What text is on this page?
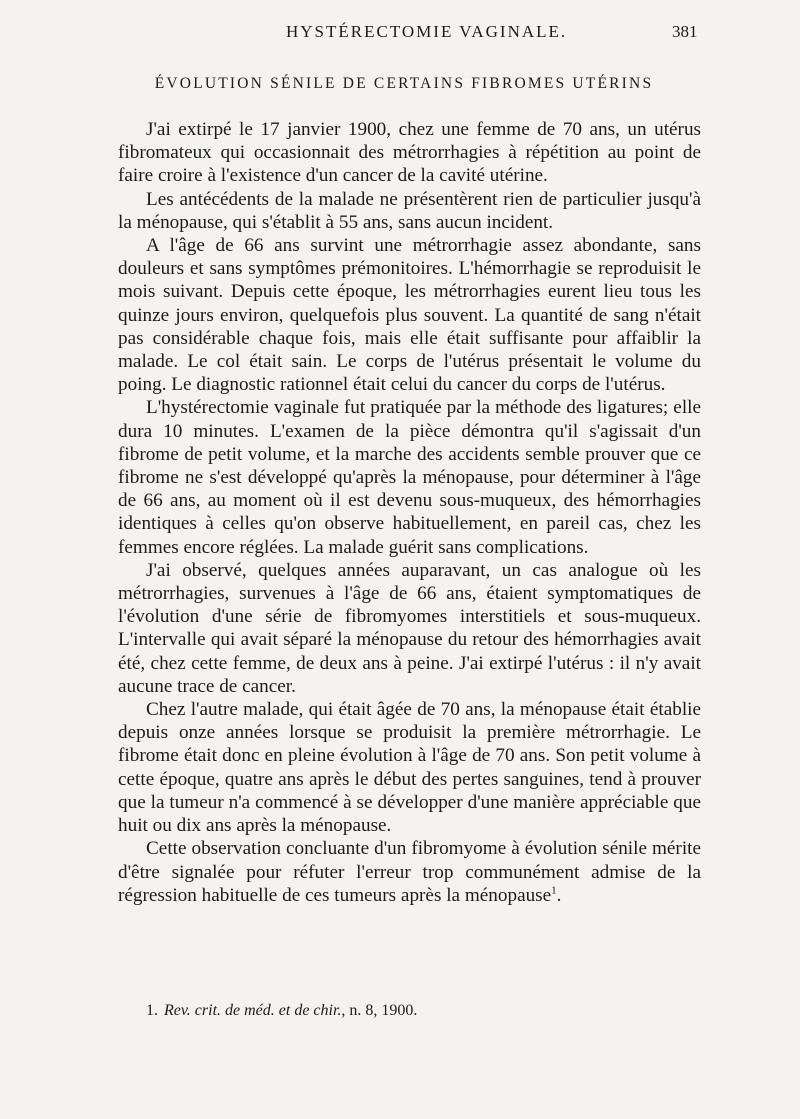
HYSTÉRECTOMIE VAGINALE.	381
ÉVOLUTION SÉNILE DE CERTAINS FIBROMES UTÉRINS

J'ai extirpé le 17 janvier 1900, chez une femme de 70 ans, un utérus fibromateux qui occasionnait des métrorrhagies à répétition au point de faire croire à l'existence d'un cancer de la cavité utérine.

Les antécédents de la malade ne présentèrent rien de particulier jusqu'à la ménopause, qui s'établit à 55 ans, sans aucun incident.

A l'âge de 66 ans survint une métrorrhagie assez abondante, sans douleurs et sans symptômes prémonitoires. L'hémorrhagie se reproduisit le mois suivant. Depuis cette époque, les métrorrhagies eurent lieu tous les quinze jours environ, quelquefois plus souvent. La quantité de sang n'était pas considérable chaque fois, mais elle était suffisante pour affaiblir la malade. Le col était sain. Le corps de l'utérus présentait le volume du poing. Le diagnostic rationnel était celui du cancer du corps de l'utérus.

L'hystérectomie vaginale fut pratiquée par la méthode des ligatures; elle dura 10 minutes. L'examen de la pièce démontra qu'il s'agissait d'un fibrome de petit volume, et la marche des accidents semble prouver que ce fibrome ne s'est développé qu'après la ménopause, pour déterminer à l'âge de 66 ans, au moment où il est devenu sous-muqueux, des hémorrhagies identiques à celles qu'on observe habituellement, en pareil cas, chez les femmes encore réglées. La malade guérit sans complications.

J'ai observé, quelques années auparavant, un cas analogue où les métrorrhagies, survenues à l'âge de 66 ans, étaient symptomatiques de l'évolution d'une série de fibromyomes interstitiels et sous-muqueux. L'intervalle qui avait séparé la ménopause du retour des hémorrhagies avait été, chez cette femme, de deux ans à peine. J'ai extirpé l'utérus : il n'y avait aucune trace de cancer.

Chez l'autre malade, qui était âgée de 70 ans, la ménopause était établie depuis onze années lorsque se produisit la première métrorrhagie. Le fibrome était donc en pleine évolution à l'âge de 70 ans. Son petit volume à cette époque, quatre ans après le début des pertes sanguines, tend à prouver que la tumeur n'a commencé à se développer d'une manière appréciable que huit ou dix ans après la ménopause.

Cette observation concluante d'un fibromyome à évolution sénile mérite d'être signalée pour réfuter l'erreur trop communément admise de la régression habituelle de ces tumeurs après la ménopause$^1$.

1. Rev. crit. de méd. et de chir., n. 8, 1900.
